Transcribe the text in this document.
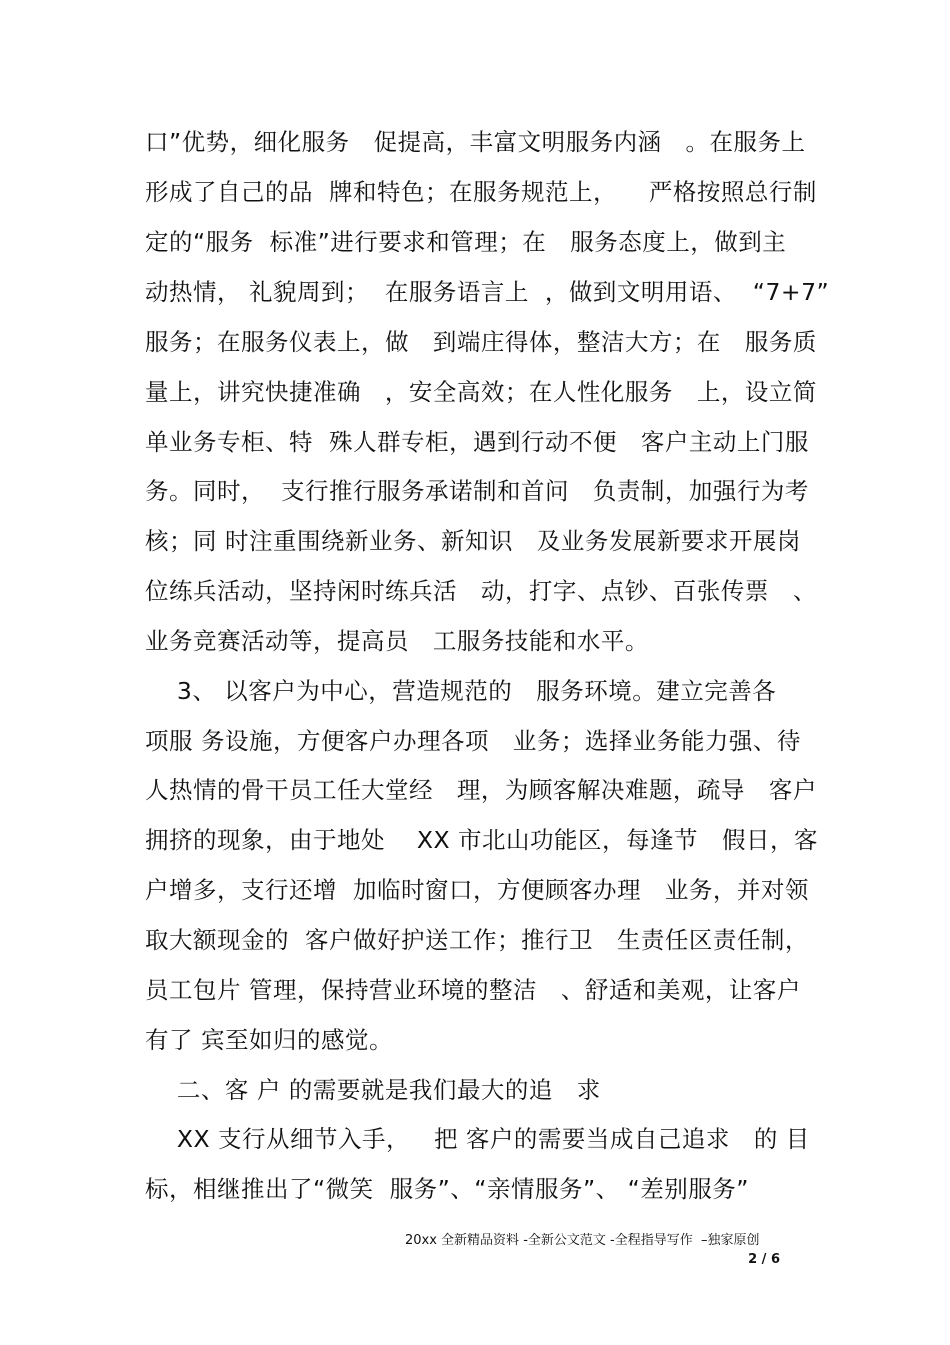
口”优势，细化服务   促提高，丰富文明服务内涵   。在服务上
形成了自己的品  牌和特色；在服务规范上，    严格按照总行制
定的“服务  标准”进行要求和管理；在   服务态度上，做到主
动热情， 礼貌周到；  在服务语言上  ，做到文明用语、  “7+7”
服务；在服务仪表上，做   到端庄得体，整洁大方；在   服务质
量上，讲究快捷准确   ，安全高效；在人性化服务   上，设立简
单业务专柜、特  殊人群专柜，遇到行动不便   客户主动上门服
务。同时，  支行推行服务承诺制和首问   负责制，加强行为考
核；同 时注重围绕新业务、新知识   及业务发展新要求开展岗
位练兵活动，坚持闲时练兵活   动，打字、点钞、百张传票   、
业务竞赛活动等，提高员   工服务技能和水平。
3、 以客户为中心，营造规范的   服务环境。建立完善各
项服 务设施，方便客户办理各项   业务；选择业务能力强、待
人热情的骨干员工任大堂经   理，为顾客解决难题，疏导   客户
拥挤的现象，由于地处    XX 市北山功能区，每逢节   假日，客
户增多，支行还增  加临时窗口，方便顾客办理   业务，并对领
取大额现金的  客户做好护送工作；推行卫   生责任区责任制，
员工包片 管理，保持营业环境的整洁   、舒适和美观，让客户
有了 宾至如归的感觉。
二、客 户 的需要就是我们最大的追   求
XX 支行从细节入手，   把 客户的需要当成自己追求   的 目
标，相继推出了“微笑  服务”、“亲情服务”、 “差别服务”
20xx 全新精品资料 -全新公文范文 -全程指导写作  –独家原创
2 / 6
